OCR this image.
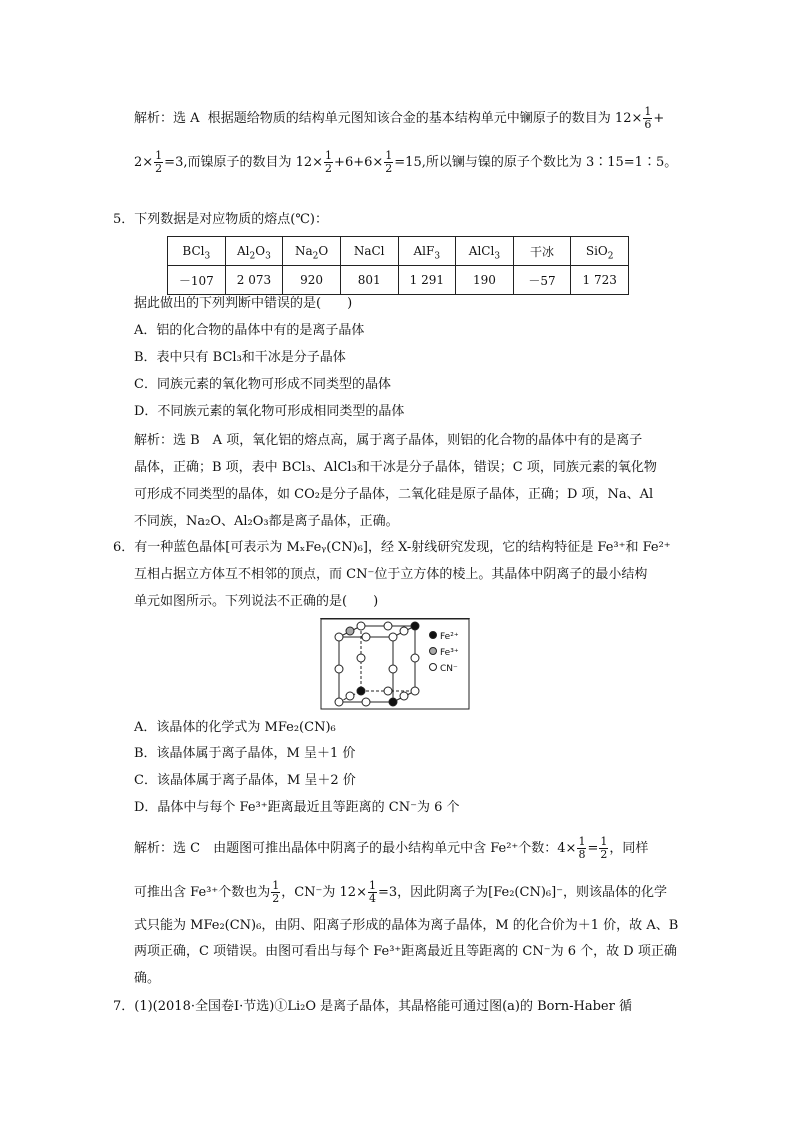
解析：选 A 根据题给物质的结构单元图知该合金的基本结构单元中镧原子的数目为 $12\times \frac{1}{6}$ +
$2\times \frac{1}{2} =3$,而镍原子的数目为 $12\times \frac{1}{2} +6+6\times \frac{1}{2} =15$,所以镧与镍的原子个数比为 3∶15=1∶5。
5．下列数据是对应物质的熔点(℃)：
BCl$_3$	$Al_2O_3$	$Na_2O$	NaCl	AlF$_3$	AlCl$_3$	干冰	SiO$_2$
－107	2 073	920	801	1 291	190	－57	1 723
据此做出的下列判断中错误的是(　　)
A．铝的化合物的晶体中有的是离子晶体
B．表中只有 BCl₃和干冰是分子晶体
C．同族元素的氧化物可形成不同类型的晶体
D．不同族元素的氧化物可形成相同类型的晶体
解析：选 B　A 项，氧化铝的熔点高，属于离子晶体，则铝的化合物的晶体中有的是离子
晶体，正确；B 项，表中 BCl₃、AlCl₃和干冰是分子晶体，错误；C 项，同族元素的氧化物
可形成不同类型的晶体，如 CO₂是分子晶体，二氧化硅是原子晶体，正确；D 项，Na、Al
不同族，Na₂O、Al₂O₃都是离子晶体，正确。
6．有一种蓝色晶体[可表示为 MₓFeᵧ(CN)₆]，经 X-射线研究发现，它的结构特征是 Fe³⁺和 Fe²⁺
互相占据立方体互不相邻的顶点，而 CN⁻位于立方体的棱上。其晶体中阴离子的最小结构
单元如图所示。下列说法不正确的是(　　)
Fe²⁺
Fe³⁺
CN⁻
A．该晶体的化学式为 MFe₂(CN)₆
B．该晶体属于离子晶体，M 呈＋1 价
C．该晶体属于离子晶体，M 呈＋2 价
D．晶体中与每个 Fe³⁺距离最近且等距离的 CN⁻为 6 个
解析：选 C　由题图可推出晶体中阴离子的最小结构单元中含 Fe²⁺个数：$4\times \frac{1}{8} = \frac{1}{2}$ ，同样
可推出含 Fe³⁺个数也为 $\frac{1}{2}$ ，CN⁻为 $12\times \frac{1}{4} =3$，因此阴离子为[Fe₂(CN)₆]⁻，则该晶体的化学
式只能为 MFe₂(CN)₆，由阴、阳离子形成的晶体为离子晶体，M 的化合价为＋1 价，故 A、B
两项正确，C 项错误。由图可看出与每个 Fe³⁺距离最近且等距离的 CN⁻为 6 个，故 D 项正确
确。
7．(1)(2018·全国卷Ⅰ·节选)①Li₂O 是离子晶体，其晶格能可通过图(a)的 Born-Haber 循
